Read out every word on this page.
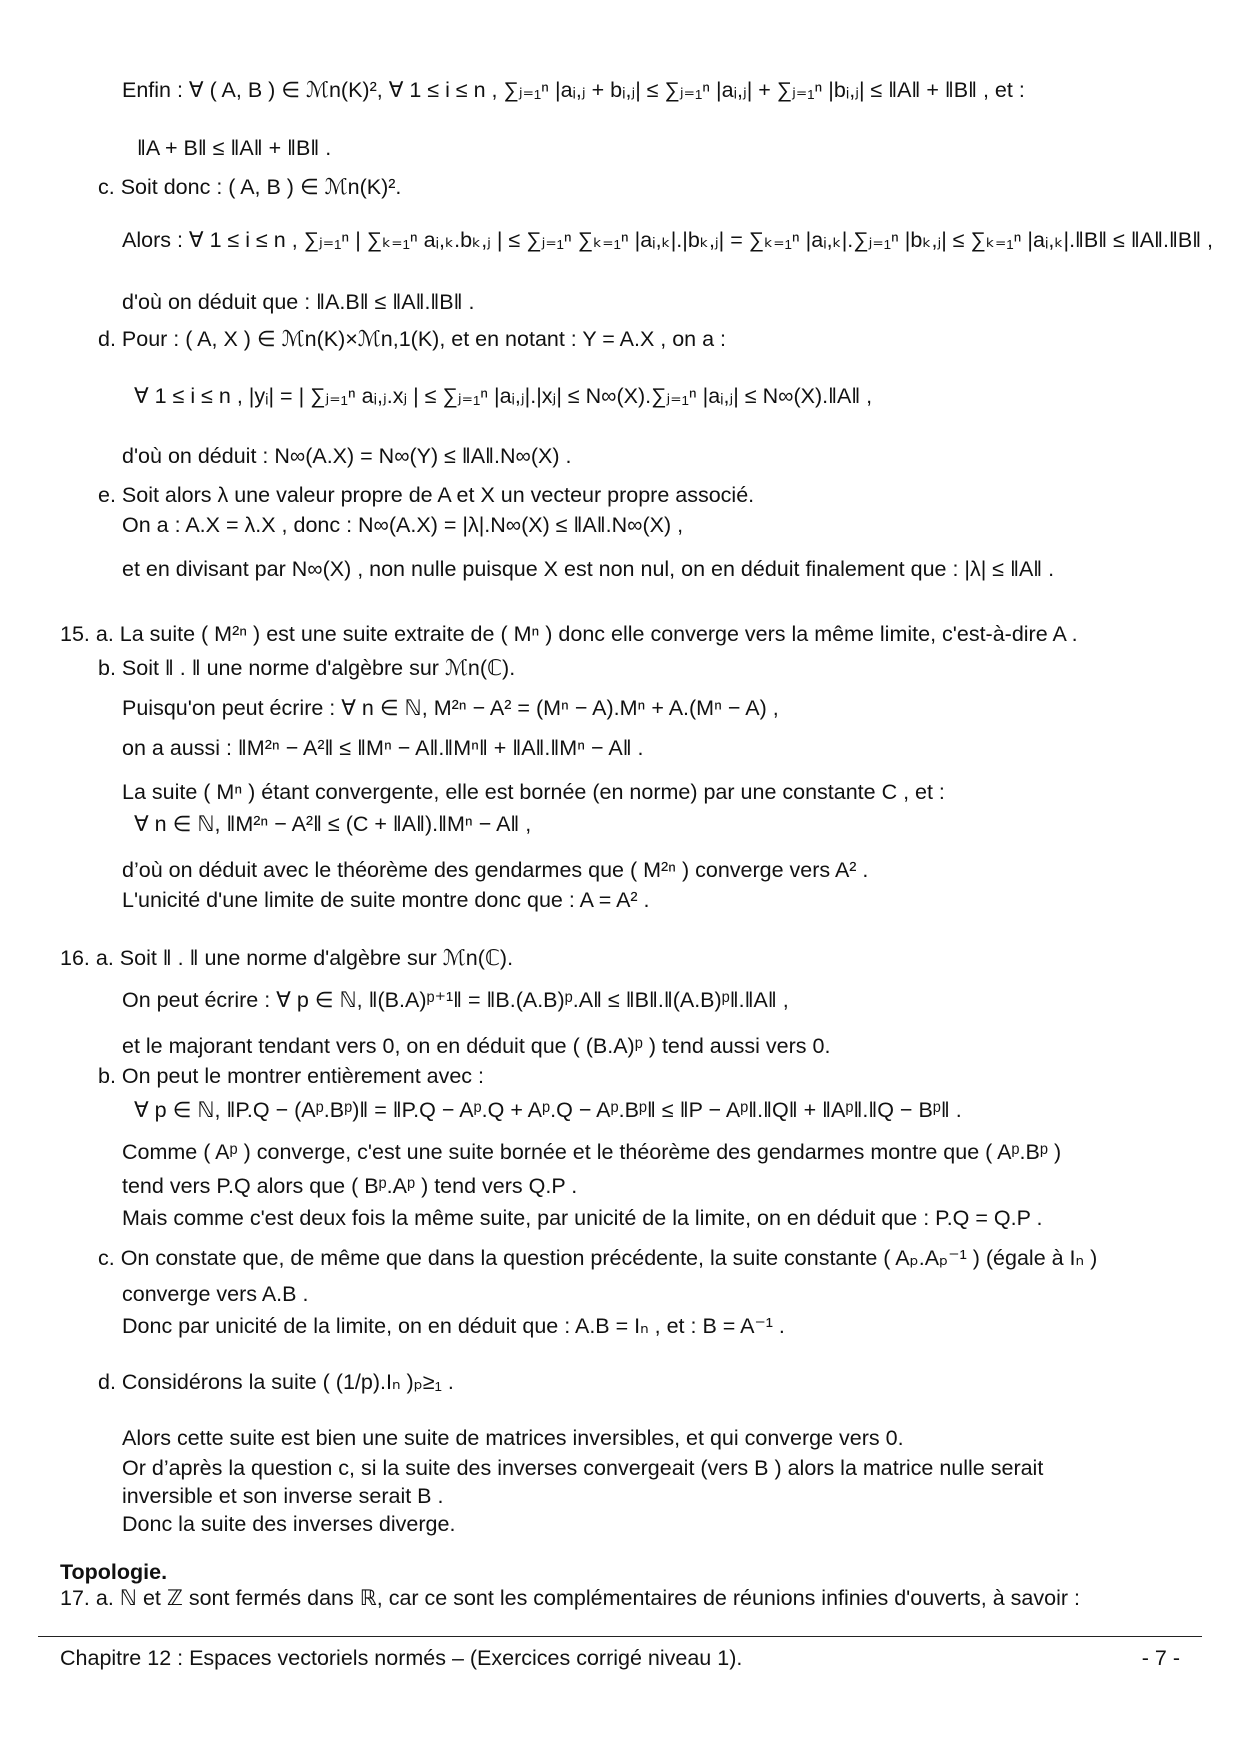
Enfin : ∀ ( A, B ) ∈ ℳn(K)², ∀ 1 ≤ i ≤ n , ∑ⱼ₌₁ⁿ |aᵢ,ⱼ + bᵢ,ⱼ| ≤ ∑ⱼ₌₁ⁿ |aᵢ,ⱼ| + ∑ⱼ₌₁ⁿ |bᵢ,ⱼ| ≤ ‖A‖ + ‖B‖ , et :
‖A + B‖ ≤ ‖A‖ + ‖B‖ .
c. Soit donc : ( A, B ) ∈ ℳn(K)².
Alors : ∀ 1 ≤ i ≤ n , ∑ⱼ₌₁ⁿ | ∑ₖ₌₁ⁿ aᵢ,ₖ.bₖ,ⱼ | ≤ ∑ⱼ₌₁ⁿ ∑ₖ₌₁ⁿ |aᵢ,ₖ|.|bₖ,ⱼ| = ∑ₖ₌₁ⁿ |aᵢ,ₖ|.∑ⱼ₌₁ⁿ |bₖ,ⱼ| ≤ ∑ₖ₌₁ⁿ |aᵢ,ₖ|.‖B‖ ≤ ‖A‖.‖B‖ ,
d'où on déduit que : ‖A.B‖ ≤ ‖A‖.‖B‖ .
d. Pour : ( A, X ) ∈ ℳn(K)×ℳn,1(K), et en notant : Y = A.X , on a :
∀ 1 ≤ i ≤ n , |yᵢ| = | ∑ⱼ₌₁ⁿ aᵢ,ⱼ.xⱼ | ≤ ∑ⱼ₌₁ⁿ |aᵢ,ⱼ|.|xⱼ| ≤ N∞(X).∑ⱼ₌₁ⁿ |aᵢ,ⱼ| ≤ N∞(X).‖A‖ ,
d'où on déduit : N∞(A.X) = N∞(Y) ≤ ‖A‖.N∞(X) .
e. Soit alors λ une valeur propre de A et X un vecteur propre associé.
On a : A.X = λ.X , donc : N∞(A.X) = |λ|.N∞(X) ≤ ‖A‖.N∞(X) ,
et en divisant par N∞(X) , non nulle puisque X est non nul, on en déduit finalement que : |λ| ≤ ‖A‖ .
15. a. La suite ( M²ⁿ ) est une suite extraite de ( Mⁿ ) donc elle converge vers la même limite, c'est-à-dire A .
b. Soit ‖ . ‖ une norme d'algèbre sur ℳn(ℂ).
Puisqu'on peut écrire : ∀ n ∈ ℕ, M²ⁿ − A² = (Mⁿ − A).Mⁿ + A.(Mⁿ − A) ,
on a aussi : ‖M²ⁿ − A²‖ ≤ ‖Mⁿ − A‖.‖Mⁿ‖ + ‖A‖.‖Mⁿ − A‖ .
La suite ( Mⁿ ) étant convergente, elle est bornée (en norme) par une constante C , et :
∀ n ∈ ℕ, ‖M²ⁿ − A²‖ ≤ (C + ‖A‖).‖Mⁿ − A‖ ,
d’où on déduit avec le théorème des gendarmes que ( M²ⁿ ) converge vers A² .
L'unicité d'une limite de suite montre donc que : A = A² .
16. a. Soit ‖ . ‖ une norme d'algèbre sur ℳn(ℂ).
On peut écrire : ∀ p ∈ ℕ, ‖(B.A)ᵖ⁺¹‖ = ‖B.(A.B)ᵖ.A‖ ≤ ‖B‖.‖(A.B)ᵖ‖.‖A‖ ,
et le majorant tendant vers 0, on en déduit que ( (B.A)ᵖ ) tend aussi vers 0.
b. On peut le montrer entièrement avec :
∀ p ∈ ℕ, ‖P.Q − (Aᵖ.Bᵖ)‖ = ‖P.Q − Aᵖ.Q + Aᵖ.Q − Aᵖ.Bᵖ‖ ≤ ‖P − Aᵖ‖.‖Q‖ + ‖Aᵖ‖.‖Q − Bᵖ‖ .
Comme ( Aᵖ ) converge, c'est une suite bornée et le théorème des gendarmes montre que ( Aᵖ.Bᵖ )
tend vers P.Q alors que ( Bᵖ.Aᵖ ) tend vers Q.P .
Mais comme c'est deux fois la même suite, par unicité de la limite, on en déduit que : P.Q = Q.P .
c. On constate que, de même que dans la question précédente, la suite constante ( Aₚ.Aₚ⁻¹ ) (égale à Iₙ )
converge vers A.B .
Donc par unicité de la limite, on en déduit que : A.B = Iₙ , et : B = A⁻¹ .
d. Considérons la suite ( (1/p).Iₙ )ₚ≥₁ .
Alors cette suite est bien une suite de matrices inversibles, et qui converge vers 0.
Or d’après la question c, si la suite des inverses convergeait (vers B ) alors la matrice nulle serait
inversible et son inverse serait B .
Donc la suite des inverses diverge.
Topologie.
17. a. ℕ et ℤ sont fermés dans ℝ, car ce sont les complémentaires de réunions infinies d'ouverts, à savoir :
Chapitre 12 : Espaces vectoriels normés – (Exercices corrigé niveau 1).	- 7 -
